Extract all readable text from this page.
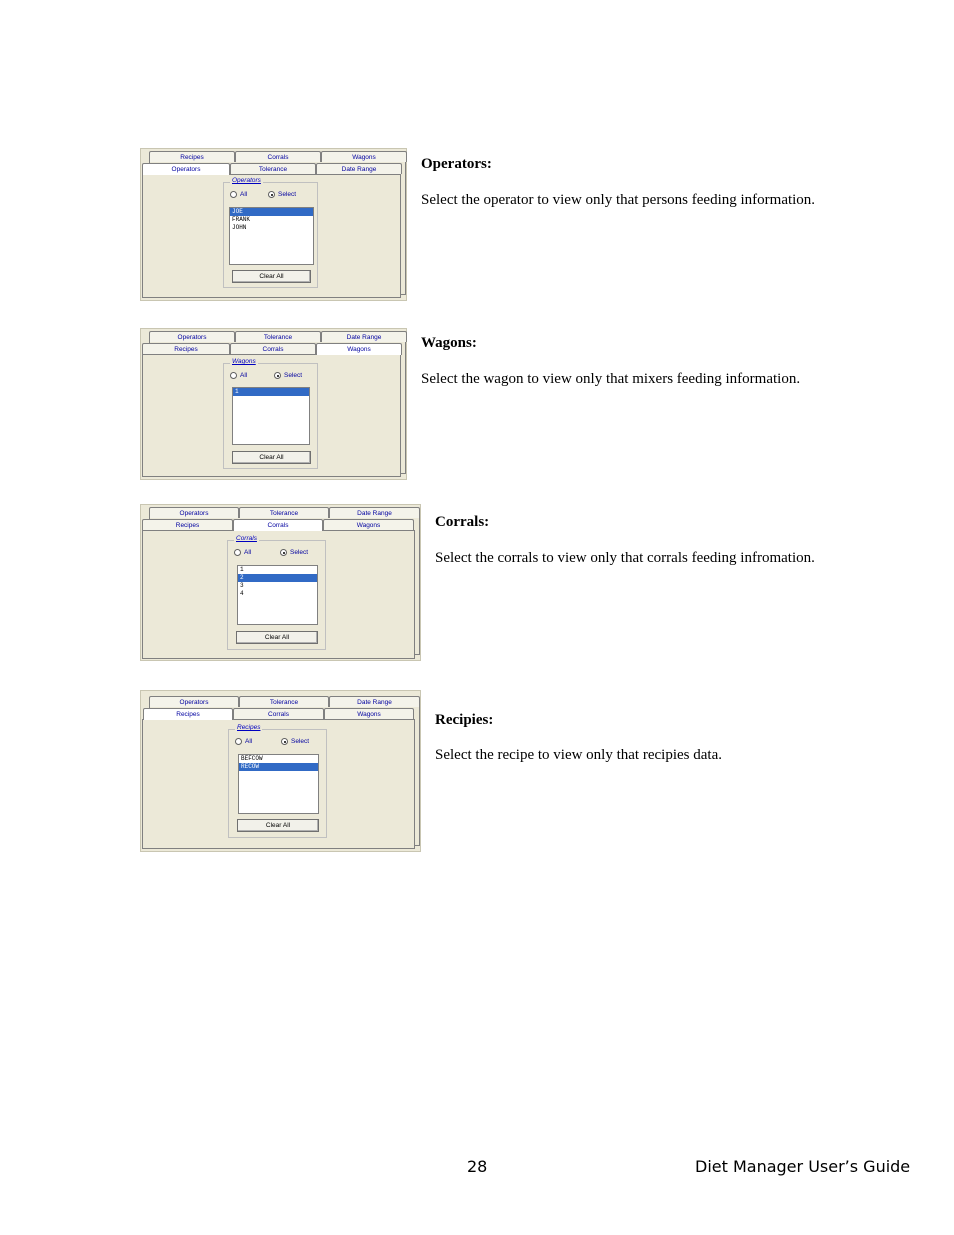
Recipes	Corrals	Wagons
Operators	Tolerance	Date Range
Operators
All	Select
JOE
FRANK
JOHN
Clear All
Operators:
Select the operator to view only that persons feeding information.
Operators	Tolerance	Date Range
Recipes	Corrals	Wagons
Wagons
All	Select
1
Clear All
Wagons:
Select the wagon to view only that mixers feeding information.
Operators	Tolerance	Date Range
Recipes	Corrals	Wagons
Corrals
All	Select
1
2
3
4
Clear All
Corrals:
Select the corrals to view only that corrals feeding infromation.
Operators	Tolerance	Date Range
Recipes	Corrals	Wagons
Recipes
All	Select
BEFCOW
RECOW
Clear All
Recipies:
Select the recipe to view only that recipies data.
28	Diet Manager User’s Guide
